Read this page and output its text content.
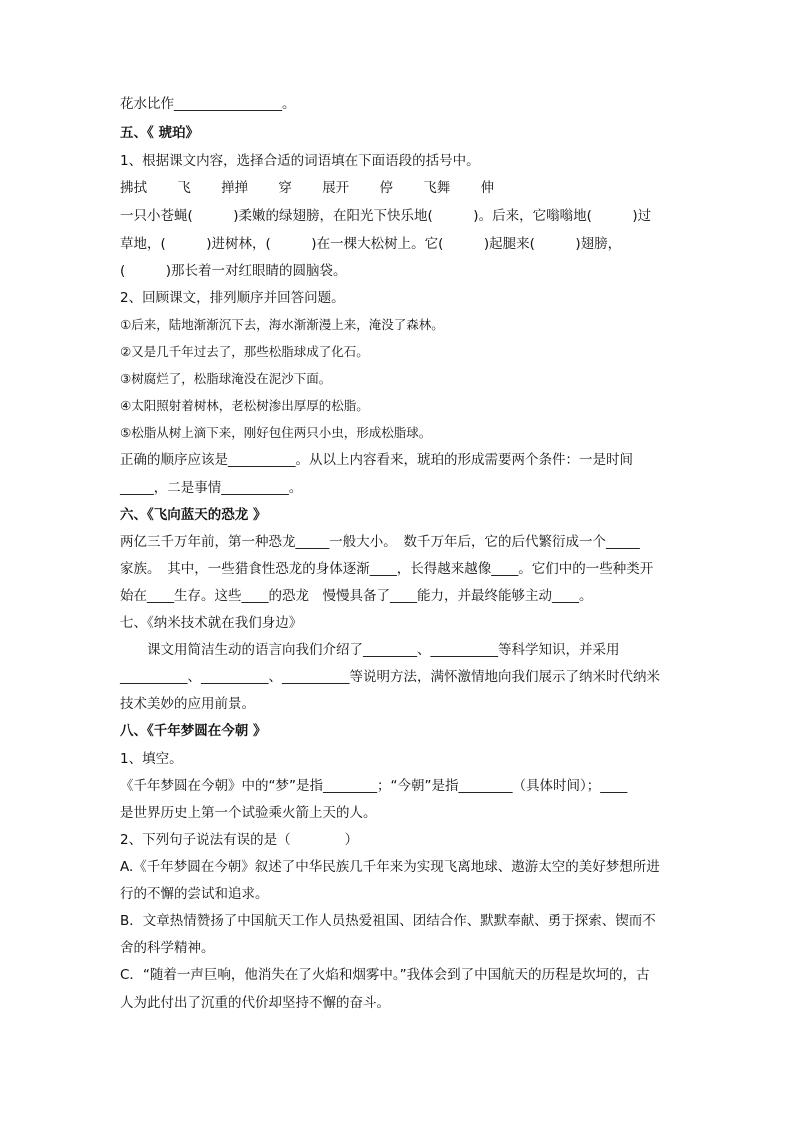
花水比作________________。
五、《 琥珀》
1、根据课文内容，选择合适的词语填在下面语段的括号中。
拂拭 飞 掸掸 穿 展开 停 飞舞 伸
一只小苍蝇(　　　)柔嫩的绿翅膀，在阳光下快乐地(　　　)。后来，它嗡嗡地(　　　)过
草地，(　　　)进树林，(　　　)在一棵大松树上。它(　　　)起腿来(　　　)翅膀，
(　　　)那长着一对红眼睛的圆脑袋。
2、回顾课文，排列顺序并回答问题。
①后来，陆地渐渐沉下去，海水渐渐漫上来，淹没了森林。
②又是几千年过去了，那些松脂球成了化石。
③树腐烂了，松脂球淹没在泥沙下面。
④太阳照射着树林，老松树渗出厚厚的松脂。
⑤松脂从树上滴下来，刚好包住两只小虫，形成松脂球。
正确的顺序应该是__________。从以上内容看来，琥珀的形成需要两个条件：一是时间
_____，二是事情__________。
六、《飞向蓝天的恐龙 》
两亿三千万年前，第一种恐龙_____一般大小。　数千万年后，它的后代繁衍成一个_____
家族。　其中，一些猎食性恐龙的身体逐渐____，长得越来越像____。它们中的一些种类开
始在____生存。这些____的恐龙　慢慢具备了____能力，并最终能够主动____。
七、《纳米技术就在我们身边》
　　课文用简洁生动的语言向我们介绍了________、__________等科学知识，并采用
__________、__________、__________等说明方法，满怀激情地向我们展示了纳米时代纳米
技术美妙的应用前景。
八、《千年梦圆在今朝 》
1、填空。
《千年梦圆在今朝》中的“梦”是指________；“今朝”是指________（具体时间）；____
是世界历史上第一个试验乘火箭上天的人。
2、下列句子说法有误的是（　　　　）
A.《千年梦圆在今朝》叙述了中华民族几千年来为实现飞离地球、遨游太空的美好梦想所进
行的不懈的尝试和追求。
B．文章热情赞扬了中国航天工作人员热爱祖国、团结合作、默默奉献、勇于探索、锲而不
舍的科学精神。
C．“随着一声巨响，他消失在了火焰和烟雾中。”我体会到了中国航天的历程是坎坷的，古
人为此付出了沉重的代价却坚持不懈的奋斗。
